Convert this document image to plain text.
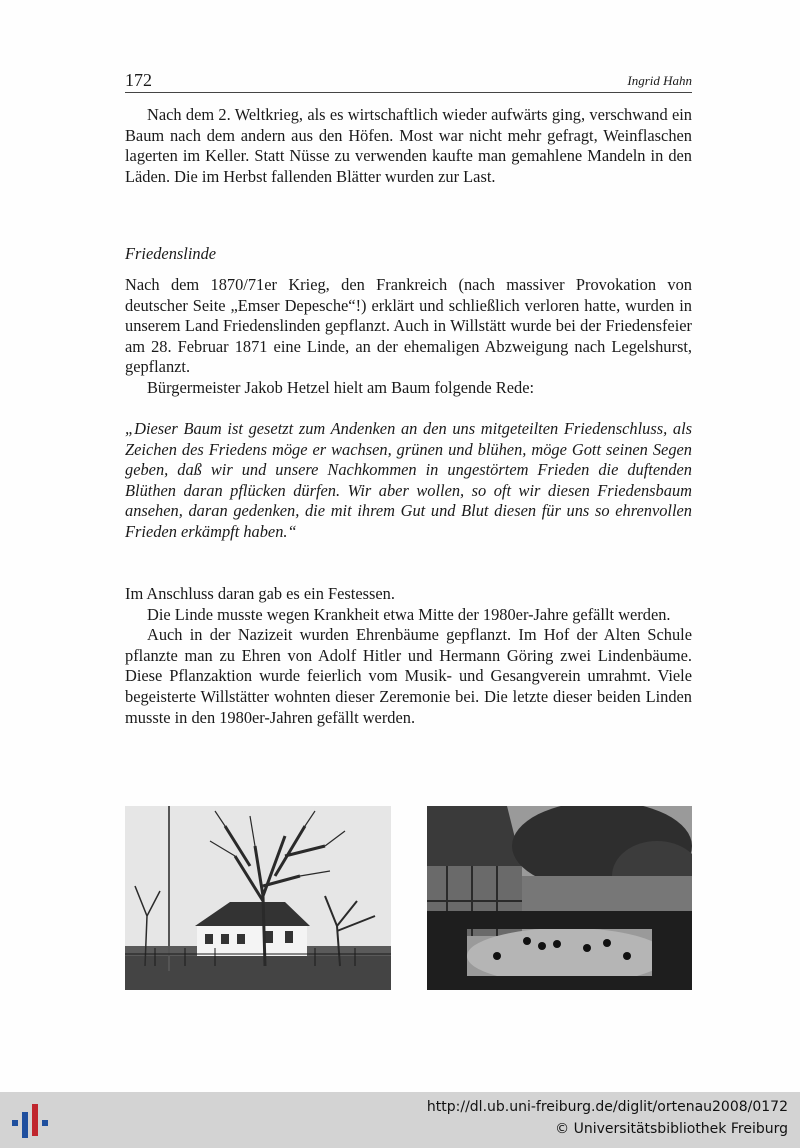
172	Ingrid Hahn

Nach dem 2. Weltkrieg, als es wirtschaftlich wieder aufwärts ging, verschwand ein Baum nach dem andern aus den Höfen. Most war nicht mehr gefragt, Weinflaschen lagerten im Keller. Statt Nüsse zu verwenden kaufte man gemahlene Mandeln in den Läden. Die im Herbst fallenden Blätter wurden zur Last.

Friedenslinde

Nach dem 1870/71er Krieg, den Frankreich (nach massiver Provokation von deutscher Seite „Emser Depesche“!) erklärt und schließlich verloren hatte, wurden in unserem Land Friedenslinden gepflanzt. Auch in Willstätt wurde bei der Friedensfeier am 28. Februar 1871 eine Linde, an der ehemaligen Abzweigung nach Legelshurst, gepflanzt.

Bürgermeister Jakob Hetzel hielt am Baum folgende Rede:

„Dieser Baum ist gesetzt zum Andenken an den uns mitgeteilten Friedenschluss, als Zeichen des Friedens möge er wachsen, grünen und blühen, möge Gott seinen Segen geben, daß wir und unsere Nachkommen in ungestörtem Frieden die duftenden Blüthen daran pflücken dürfen. Wir aber wollen, so oft wir diesen Friedensbaum ansehen, daran gedenken, die mit ihrem Gut und Blut diesen für uns so ehrenvollen Frieden erkämpft haben.“

Im Anschluss daran gab es ein Festessen.

Die Linde musste wegen Krankheit etwa Mitte der 1980er-Jahre gefällt werden.

Auch in der Nazizeit wurden Ehrenbäume gepflanzt. Im Hof der Alten Schule pflanzte man zu Ehren von Adolf Hitler und Hermann Göring zwei Lindenbäume. Diese Pflanzaktion wurde feierlich vom Musik- und Gesangverein umrahmt. Viele begeisterte Willstätter wohnten dieser Zeremonie bei. Die letzte dieser beiden Linden musste in den 1980er-Jahren gefällt werden.

http://dl.ub.uni-freiburg.de/diglit/ortenau2008/0172
© Universitätsbibliothek Freiburg
